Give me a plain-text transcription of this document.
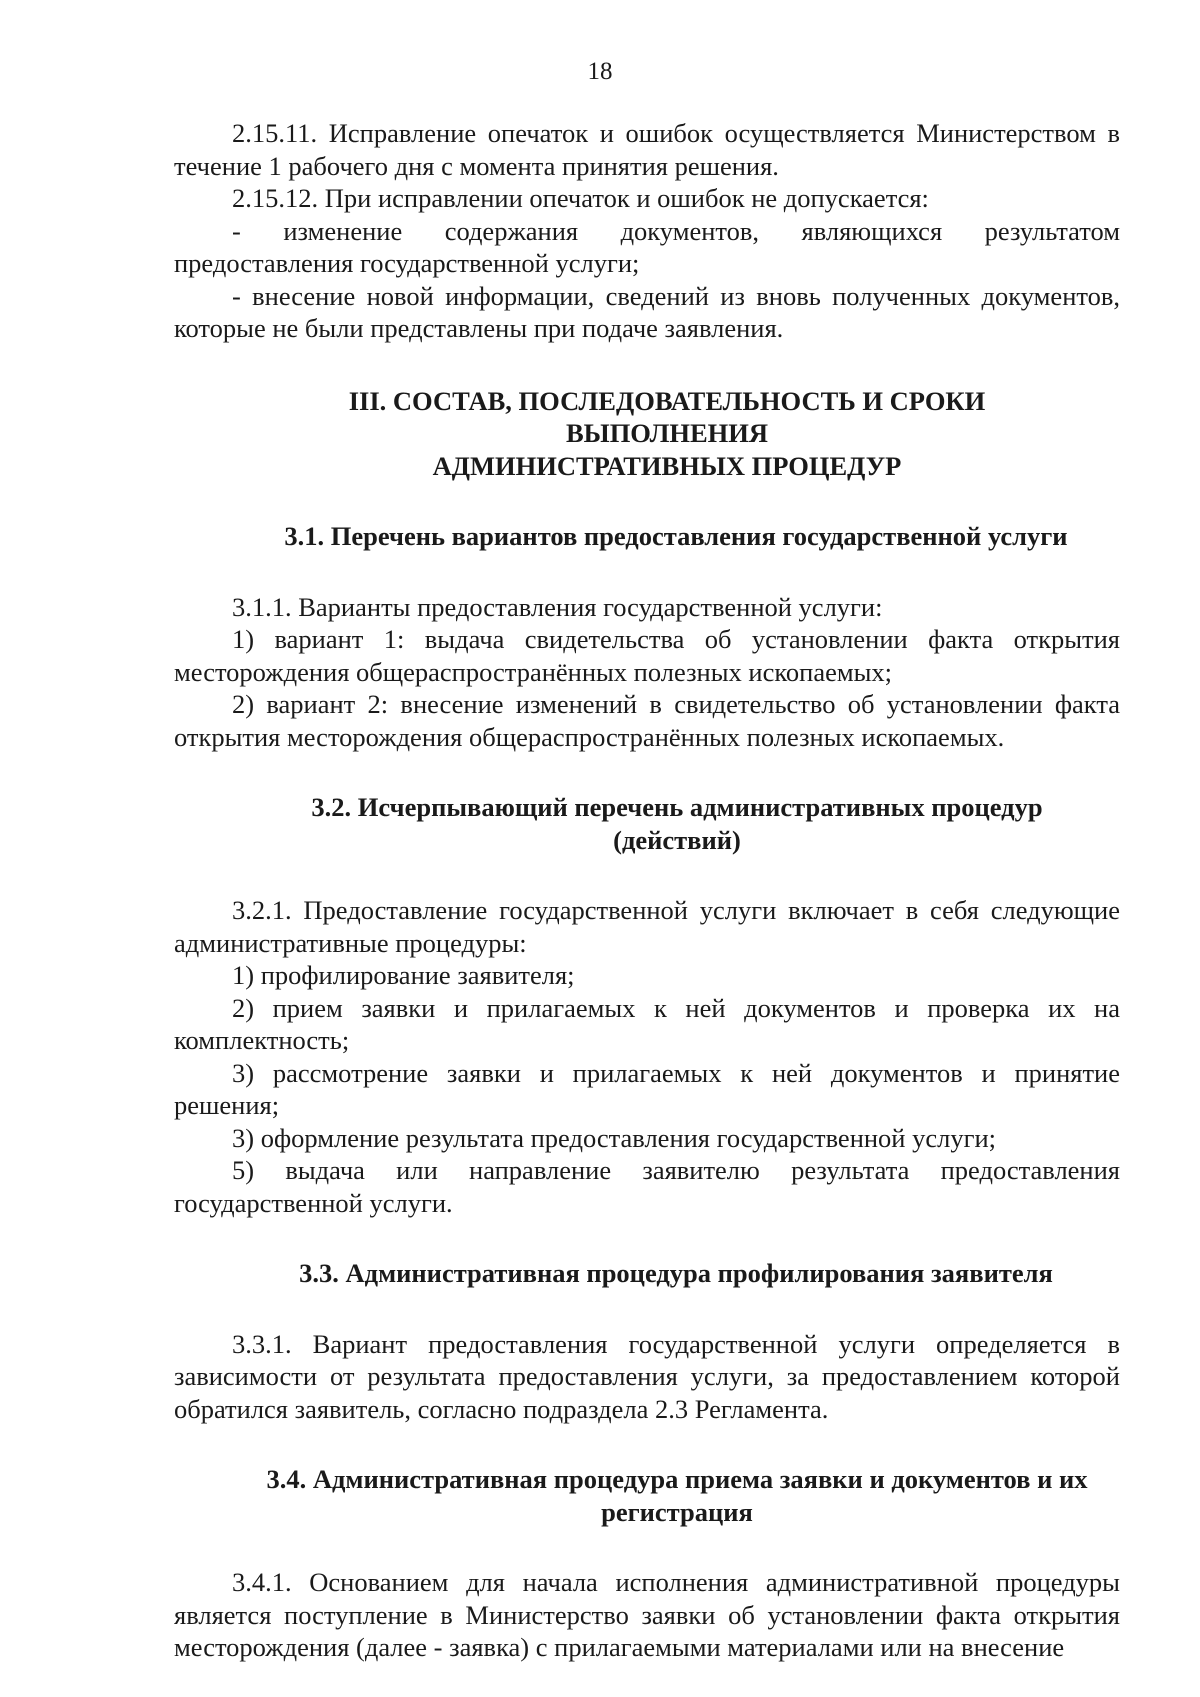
18

2.15.11. Исправление опечаток и ошибок осуществляется Министерством в течение 1 рабочего дня с момента принятия решения.

2.15.12. При исправлении опечаток и ошибок не допускается:

- изменение содержания документов, являющихся результатом предоставления государственной услуги;

- внесение новой информации, сведений из вновь полученных документов, которые не были представлены при подаче заявления.

III. СОСТАВ, ПОСЛЕДОВАТЕЛЬНОСТЬ И СРОКИ
ВЫПОЛНЕНИЯ
АДМИНИСТРАТИВНЫХ ПРОЦЕДУР
3.1. Перечень вариантов предоставления государственной услуги

3.1.1. Варианты предоставления государственной услуги:

1) вариант 1: выдача свидетельства об установлении факта открытия месторождения общераспространённых полезных ископаемых;

2) вариант 2: внесение изменений в свидетельство об установлении факта открытия месторождения общераспространённых полезных ископаемых.

3.2. Исчерпывающий перечень административных процедур (действий)

3.2.1. Предоставление государственной услуги включает в себя следующие административные процедуры:

1) профилирование заявителя;

2) прием заявки и прилагаемых к ней документов и проверка их на комплектность;

3) рассмотрение заявки и прилагаемых к ней документов и принятие решения;

3) оформление результата предоставления государственной услуги;

5) выдача или направление заявителю результата предоставления государственной услуги.

3.3. Административная процедура профилирования заявителя

3.3.1. Вариант предоставления государственной услуги определяется в зависимости от результата предоставления услуги, за предоставлением которой обратился заявитель, согласно подраздела 2.3 Регламента.

3.4. Административная процедура приема заявки и документов и их регистрация

3.4.1. Основанием для начала исполнения административной процедуры является поступление в Министерство заявки об установлении факта открытия месторождения (далее - заявка) с прилагаемыми материалами или на внесение
